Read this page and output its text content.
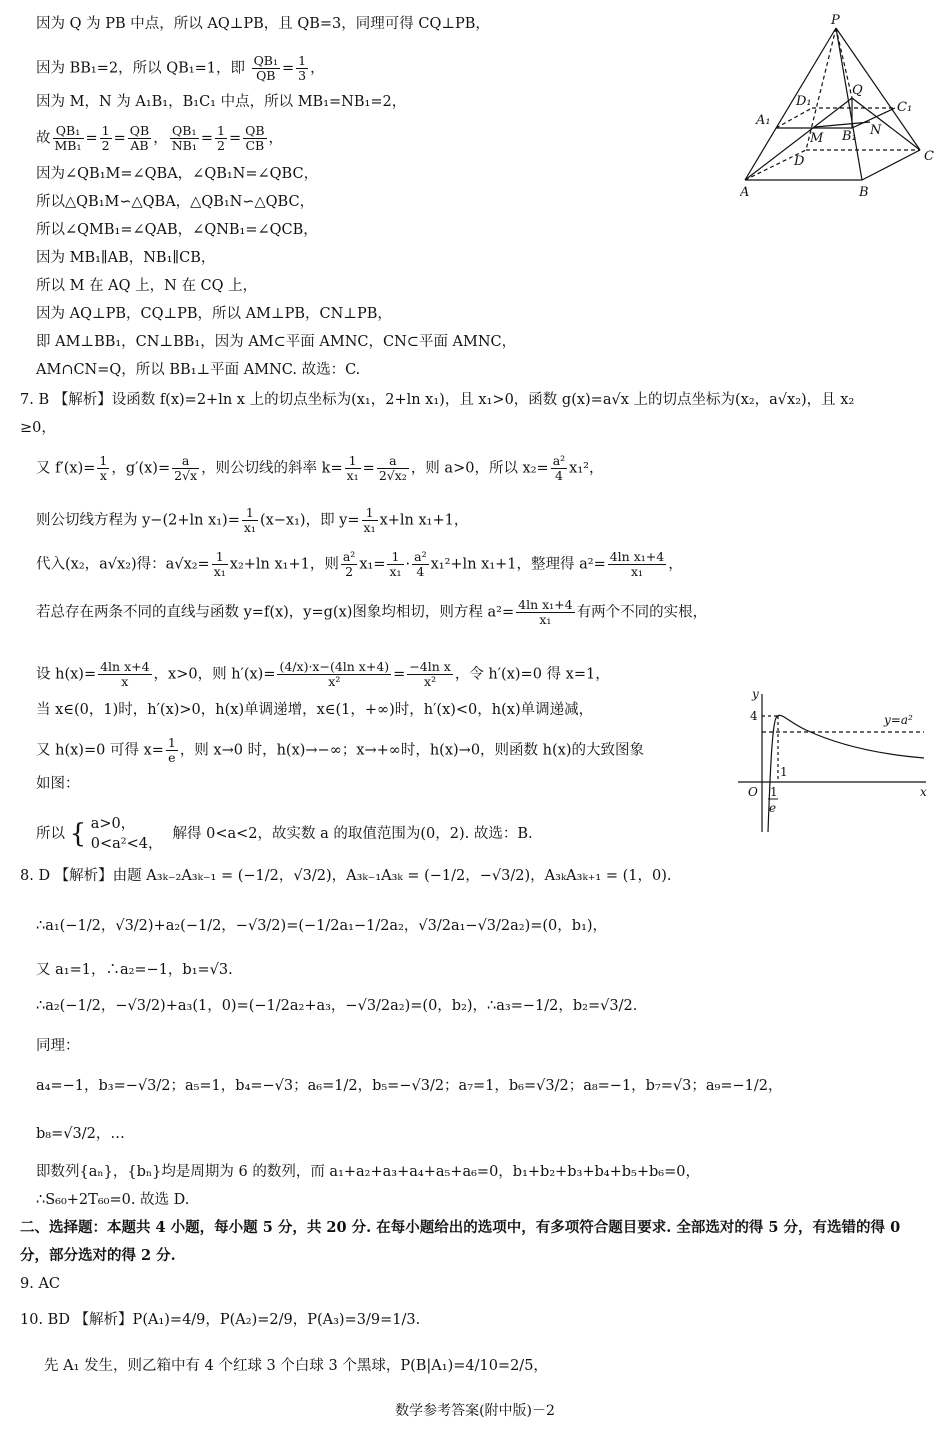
因为 Q 为 PB 中点，所以 AQ⊥PB，且 QB=3，同理可得 CQ⊥PB，
因为 BB₁=2，所以 QB₁=1，即 $\frac{\text{QB₁}}{QB} = \frac{1}{3}$ ，
因为 M，N 为 A₁B₁，B₁C₁ 中点，所以 MB₁=NB₁=2，
故 $\frac{\text{QB₁}}{\text{MB₁}} = \frac{1}{2} = \frac{QB}{AB}$ ， $\frac{\text{QB₁}}{\text{NB₁}} = \frac{1}{2} = \frac{QB}{CB}$ ，
因为∠QB₁M=∠QBA，∠QB₁N=∠QBC，
所以△QB₁M∽△QBA，△QB₁N∽△QBC，
所以∠QMB₁=∠QAB，∠QNB₁=∠QCB，
因为 MB₁∥AB，NB₁∥CB，
所以 M 在 AQ 上，N 在 CQ 上，
因为 AQ⊥PB，CQ⊥PB，所以 AM⊥PB，CN⊥PB，
即 AM⊥BB₁，CN⊥BB₁，因为 AM⊂平面 AMNC，CN⊂平面 AMNC，
AM∩CN=Q，所以 BB₁⊥平面 AMNC. 故选：C.
P
A₁
D₁
Q
C₁
M B₁ N
D
A	B
C
7. B 【解析】设函数 f(x)=2+ln x 上的切点坐标为(x₁，2+ln x₁)，且 x₁>0，函数 g(x)=a√x 上的切点坐标为(x₂，a√x₂)，且 x₂
≥0，
又 $f'(x)= \frac{1}{x}$ ，$g'(x)= \frac{a}{2√x}$ ，则公切线的斜率 $k= \frac{1}{\text{x₁}} = \frac{a}{\text{2√x₂}}$ ，则 a>0，所以 $x_2= \frac{\text{a²}}{4} x_1^2$，
则公切线方程为 y−(2+ln $x_1)= \frac{1}{\text{x₁}} (x-x_1)$，即 $y= \frac{1}{\text{x₁}} x+\ln$ x₁+1，
代入(x₂，a√x₂)得：$a√x_2= \frac{1}{\text{x₁}} x_2+\ln$ x₁+1，则 $\frac{\text{a²}}{2} x_1= \frac{1}{\text{x₁}} \cdot \frac{\text{a²}}{4} x_1^2+\ln$ x₁+1，整理得 $a^2= \frac{\text{4ln x₁+4}}{\text{x₁}}$ ，
若总存在两条不同的直线与函数 y=f(x)，y=g(x)图象均相切，则方程 $a^2= \frac{\text{4ln x₁+4}}{\text{x₁}}$ 有两个不同的实根，
设 $h(x)= \frac{\text{4ln x+4}}{x}$ ，x>0，则 $h'(x)= \frac{\text{(4/x)·x−(4ln x+4)}}{\text{x²}} = \frac{\text{−4ln x}}{\text{x²}}$ ，令 h′(x)=0 得 x=1，
当 x∈(0，1)时，h′(x)>0，h(x)单调递增，x∈(1，+∞)时，h′(x)<0，h(x)单调递减，
又 h(x)=0 可得 $x= \frac{1}{e}$ ，则 x→0 时，h(x)→−∞；x→+∞时，h(x)→0，则函数 h(x)的大致图象
如图：
所以 { a>0，
0<a²<4，
解得 0<a<2，故实数 a 的取值范围为(0，2). 故选：B.
y
4	y=a²
1
O 1
e
x
8. D 【解析】由题 A₃ₖ₋₂A₃ₖ₋₁ = (−1/2，√3/2)，A₃ₖ₋₁A₃ₖ = (−1/2，−√3/2)，A₃ₖA₃ₖ₊₁ = (1，0).
∴a₁(−1/2，√3/2)+a₂(−1/2，−√3/2)=(−1/2a₁−1/2a₂，√3/2a₁−√3/2a₂)=(0，b₁)，
又 a₁=1，∴a₂=−1，b₁=√3.
∴a₂(−1/2，−√3/2)+a₃(1，0)=(−1/2a₂+a₃，−√3/2a₂)=(0，b₂)，∴a₃=−1/2，b₂=√3/2.
同理：
a₄=−1，b₃=−√3/2；a₅=1，b₄=−√3；a₆=1/2，b₅=−√3/2；a₇=1，b₆=√3/2；a₈=−1，b₇=√3；a₉=−1/2，
b₈=√3/2，…
即数列{aₙ}，{bₙ}均是周期为 6 的数列，而 a₁+a₂+a₃+a₄+a₅+a₆=0，b₁+b₂+b₃+b₄+b₅+b₆=0，
∴S₆₀+2T₆₀=0. 故选 D.
二、选择题：本题共 4 小题，每小题 5 分，共 20 分. 在每小题给出的选项中，有多项符合题目要求. 全部选对的得 5 分，有选错的得 0
分，部分选对的得 2 分.
9. AC
10. BD 【解析】P(A₁)=4/9，P(A₂)=2/9，P(A₃)=3/9=1/3.
先 A₁ 发生，则乙箱中有 4 个红球 3 个白球 3 个黑球，P(B|A₁)=4/10=2/5，
数学参考答案(附中版)－2
